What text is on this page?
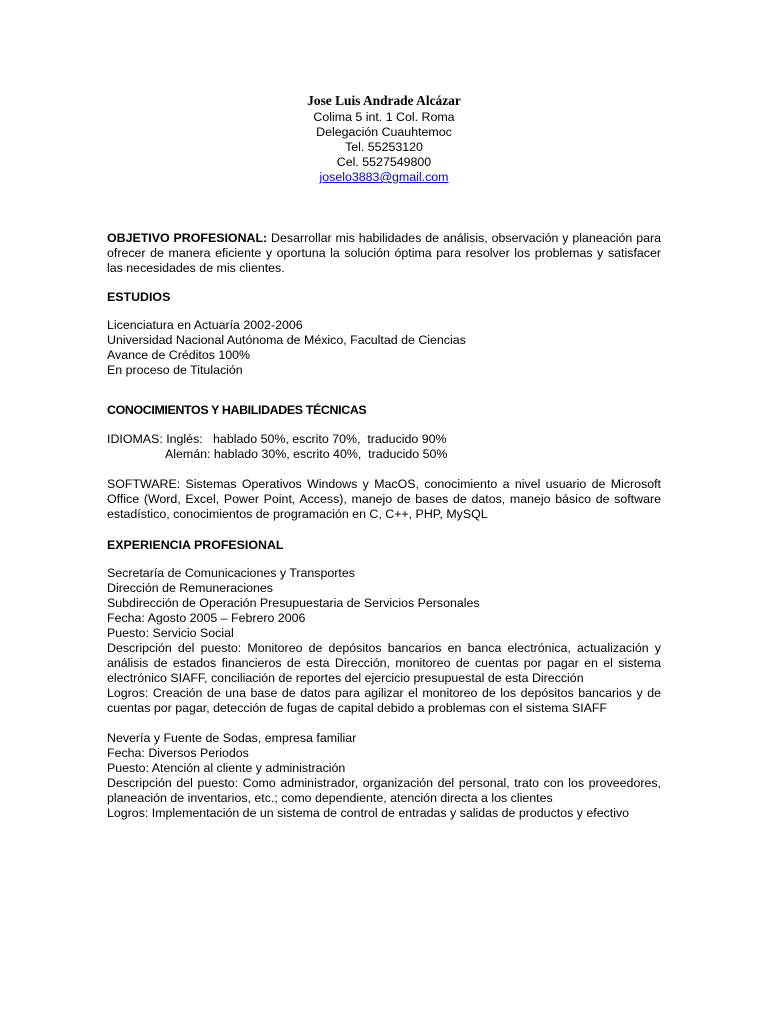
Jose Luis Andrade Alcázar
Colima 5 int. 1 Col. Roma
Delegación Cuauhtemoc
Tel. 55253120
Cel. 5527549800
joselo3883@gmail.com

OBJETIVO PROFESIONAL: Desarrollar mis habilidades de análisis, observación y planeación para ofrecer de manera eficiente y oportuna la solución óptima para resolver los problemas y satisfacer las necesidades de mis clientes.

ESTUDIOS
Licenciatura en Actuaría 2002-2006
Universidad Nacional Autónoma de México, Facultad de Ciencias
Avance de Créditos 100%
En proceso de Titulación
CONOCIMIENTOS Y HABILIDADES TÉCNICAS
IDIOMAS: Inglés:   hablado 50%, escrito 70%,  traducido 90%
Alemán: hablado 30%, escrito 40%,  traducido 50%
SOFTWARE: Sistemas Operativos Windows y MacOS, conocimiento a nivel usuario de Microsoft Office (Word, Excel, Power Point, Access), manejo de bases de datos, manejo básico de software estadístico, conocimientos de programación en C, C++, PHP, MySQL
EXPERIENCIA PROFESIONAL
Secretaría de Comunicaciones y Transportes
Dirección de Remuneraciones
Subdirección de Operación Presupuestaria de Servicios Personales
Fecha: Agosto 2005 – Febrero 2006
Puesto: Servicio Social
Descripción del puesto: Monitoreo de depósitos bancarios en banca electrónica, actualización y análisis de estados financieros de esta Dirección, monitoreo de cuentas por pagar en el sistema electrónico SIAFF, conciliación de reportes del ejercicio presupuestal de esta Dirección
Logros: Creación de una base de datos para agilizar el monitoreo de los depósitos bancarios y de cuentas por pagar, detección de fugas de capital debido a problemas con el sistema SIAFF
Nevería y Fuente de Sodas, empresa familiar
Fecha: Diversos Periodos
Puesto: Atención al cliente y administración
Descripción del puesto: Como administrador, organización del personal, trato con los proveedores, planeación de inventarios, etc.; como dependiente, atención directa a los clientes
Logros: Implementación de un sistema de control de entradas y salidas de productos y efectivo
